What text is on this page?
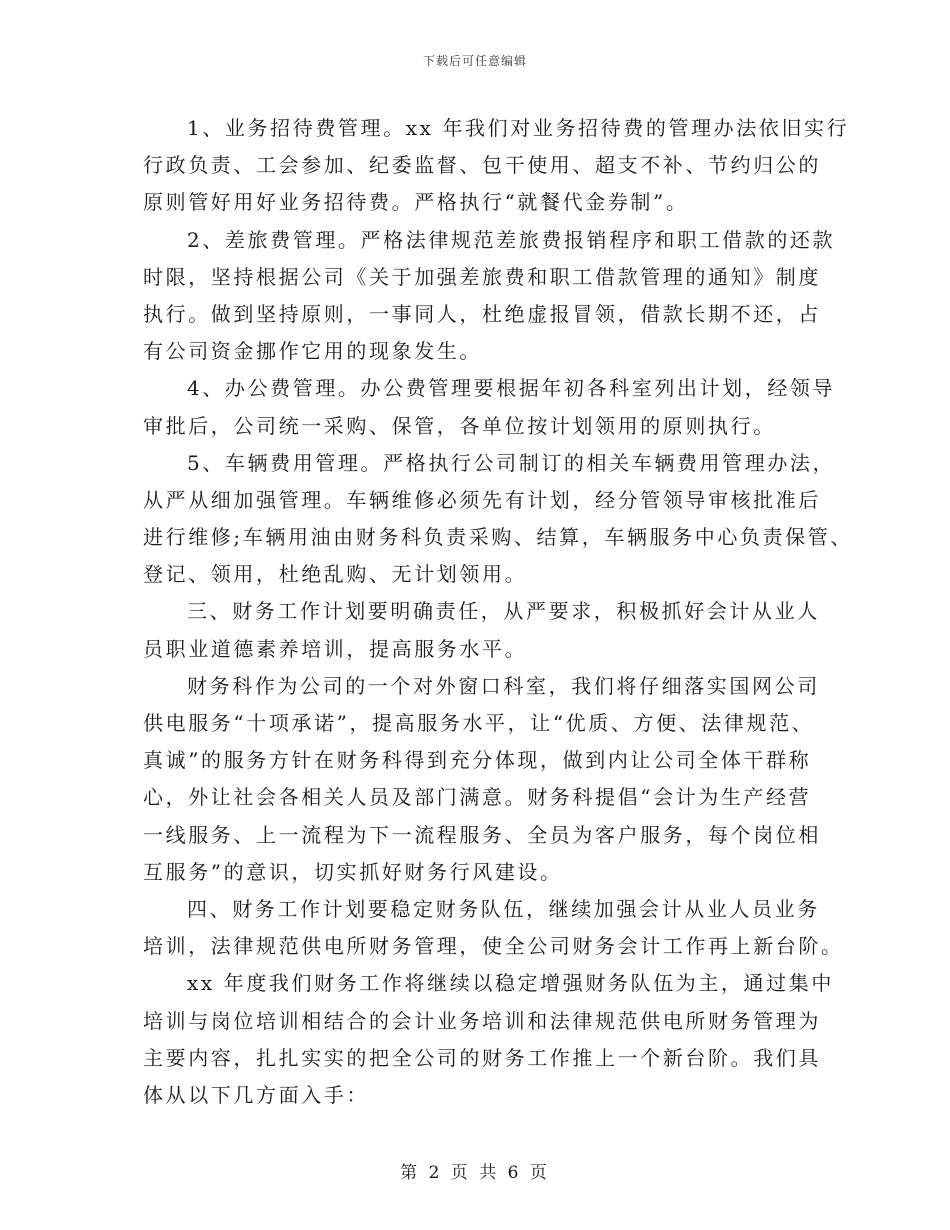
下载后可任意编辑
1、业务招待费管理。xx 年我们对业务招待费的管理办法依旧实行
行政负责、工会参加、纪委监督、包干使用、超支不补、节约归公的
原则管好用好业务招待费。严格执行“就餐代金券制”。
2、差旅费管理。严格法律规范差旅费报销程序和职工借款的还款
时限，坚持根据公司《关于加强差旅费和职工借款管理的通知》制度
执行。做到坚持原则，一事同人，杜绝虚报冒领，借款长期不还，占
有公司资金挪作它用的现象发生。
4、办公费管理。办公费管理要根据年初各科室列出计划，经领导
审批后，公司统一采购、保管，各单位按计划领用的原则执行。
5、车辆费用管理。严格执行公司制订的相关车辆费用管理办法，
从严从细加强管理。车辆维修必须先有计划，经分管领导审核批准后
进行维修;车辆用油由财务科负责采购、结算，车辆服务中心负责保管、
登记、领用，杜绝乱购、无计划领用。
三、财务工作计划要明确责任，从严要求，积极抓好会计从业人
员职业道德素养培训，提高服务水平。
财务科作为公司的一个对外窗口科室，我们将仔细落实国网公司
供电服务“十项承诺”，提高服务水平，让“优质、方便、法律规范、
真诚”的服务方针在财务科得到充分体现，做到内让公司全体干群称
心，外让社会各相关人员及部门满意。财务科提倡“会计为生产经营
一线服务、上一流程为下一流程服务、全员为客户服务，每个岗位相
互服务”的意识，切实抓好财务行风建设。
四、财务工作计划要稳定财务队伍，继续加强会计从业人员业务
培训，法律规范供电所财务管理，使全公司财务会计工作再上新台阶。
xx 年度我们财务工作将继续以稳定增强财务队伍为主，通过集中
培训与岗位培训相结合的会计业务培训和法律规范供电所财务管理为
主要内容，扎扎实实的把全公司的财务工作推上一个新台阶。我们具
体从以下几方面入手：
第 2 页 共 6 页
